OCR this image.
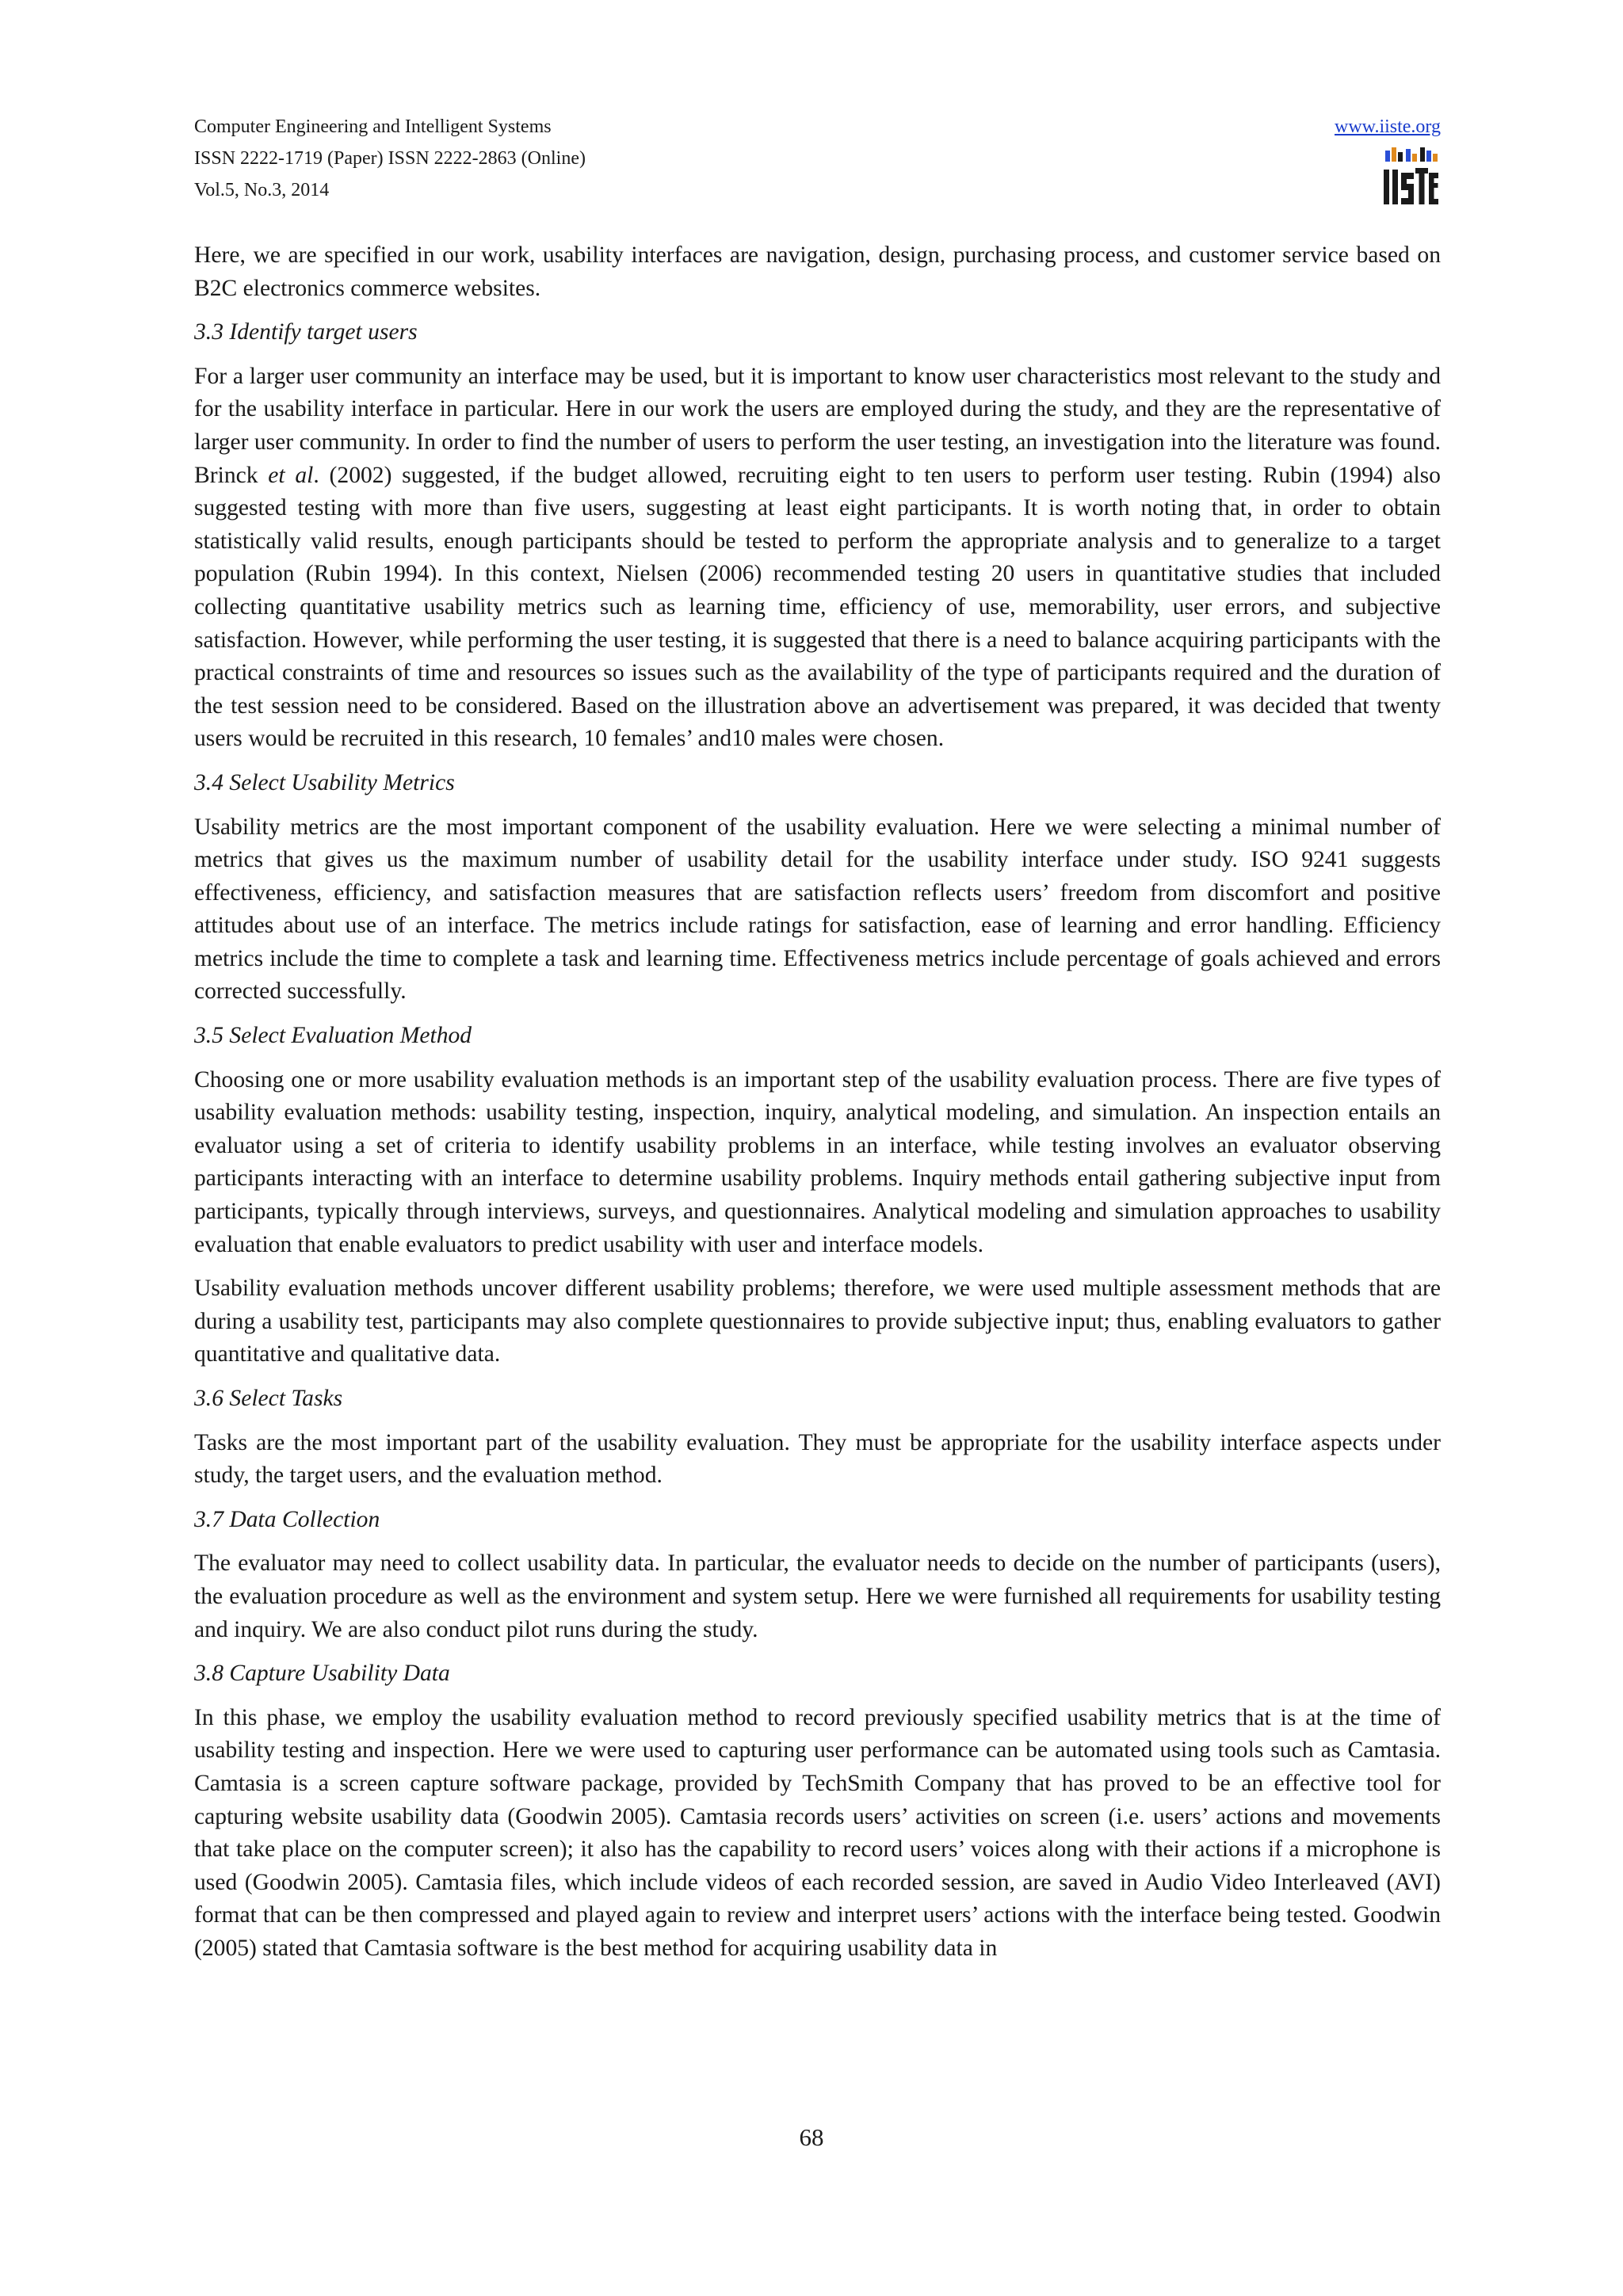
Computer Engineering and Intelligent Systems
ISSN 2222-1719 (Paper) ISSN 2222-2863 (Online)
Vol.5, No.3, 2014
www.iiste.org

Here, we are specified in our work, usability interfaces are navigation, design, purchasing process, and customer service based on B2C electronics commerce websites.

3.3 Identify target users

For a larger user community an interface may be used, but it is important to know user characteristics most relevant to the study and for the usability interface in particular. Here in our work the users are employed during the study, and they are the representative of larger user community. In order to find the number of users to perform the user testing, an investigation into the literature was found. Brinck et al. (2002) suggested, if the budget allowed, recruiting eight to ten users to perform user testing. Rubin (1994) also suggested testing with more than five users, suggesting at least eight participants. It is worth noting that, in order to obtain statistically valid results, enough participants should be tested to perform the appropriate analysis and to generalize to a target population (Rubin 1994). In this context, Nielsen (2006) recommended testing 20 users in quantitative studies that included collecting quantitative usability metrics such as learning time, efficiency of use, memorability, user errors, and subjective satisfaction. However, while performing the user testing, it is suggested that there is a need to balance acquiring participants with the practical constraints of time and resources so issues such as the availability of the type of participants required and the duration of the test session need to be considered. Based on the illustration above an advertisement was prepared, it was decided that twenty users would be recruited in this research, 10 females’ and10 males were chosen.

3.4 Select Usability Metrics

Usability metrics are the most important component of the usability evaluation. Here we were selecting a minimal number of metrics that gives us the maximum number of usability detail for the usability interface under study. ISO 9241 suggests effectiveness, efficiency, and satisfaction measures that are satisfaction reflects users’ freedom from discomfort and positive attitudes about use of an interface. The metrics include ratings for satisfaction, ease of learning and error handling. Efficiency metrics include the time to complete a task and learning time. Effectiveness metrics include percentage of goals achieved and errors corrected successfully.

3.5 Select Evaluation Method

Choosing one or more usability evaluation methods is an important step of the usability evaluation process. There are five types of usability evaluation methods: usability testing, inspection, inquiry, analytical modeling, and simulation. An inspection entails an evaluator using a set of criteria to identify usability problems in an interface, while testing involves an evaluator observing participants interacting with an interface to determine usability problems. Inquiry methods entail gathering subjective input from participants, typically through interviews, surveys, and questionnaires. Analytical modeling and simulation approaches to usability evaluation that enable evaluators to predict usability with user and interface models.

Usability evaluation methods uncover different usability problems; therefore, we were used multiple assessment methods that are during a usability test, participants may also complete questionnaires to provide subjective input; thus, enabling evaluators to gather quantitative and qualitative data.

3.6 Select Tasks

Tasks are the most important part of the usability evaluation. They must be appropriate for the usability interface aspects under study, the target users, and the evaluation method.

3.7 Data Collection

The evaluator may need to collect usability data. In particular, the evaluator needs to decide on the number of participants (users), the evaluation procedure as well as the environment and system setup. Here we were furnished all requirements for usability testing and inquiry. We are also conduct pilot runs during the study.

3.8 Capture Usability Data

In this phase, we employ the usability evaluation method to record previously specified usability metrics that is at the time of usability testing and inspection. Here we were used to capturing user performance can be automated using tools such as Camtasia. Camtasia is a screen capture software package, provided by TechSmith Company that has proved to be an effective tool for capturing website usability data (Goodwin 2005). Camtasia records users’ activities on screen (i.e. users’ actions and movements that take place on the computer screen); it also has the capability to record users’ voices along with their actions if a microphone is used (Goodwin 2005). Camtasia files, which include videos of each recorded session, are saved in Audio Video Interleaved (AVI) format that can be then compressed and played again to review and interpret users’ actions with the interface being tested. Goodwin (2005) stated that Camtasia software is the best method for acquiring usability data in

68
